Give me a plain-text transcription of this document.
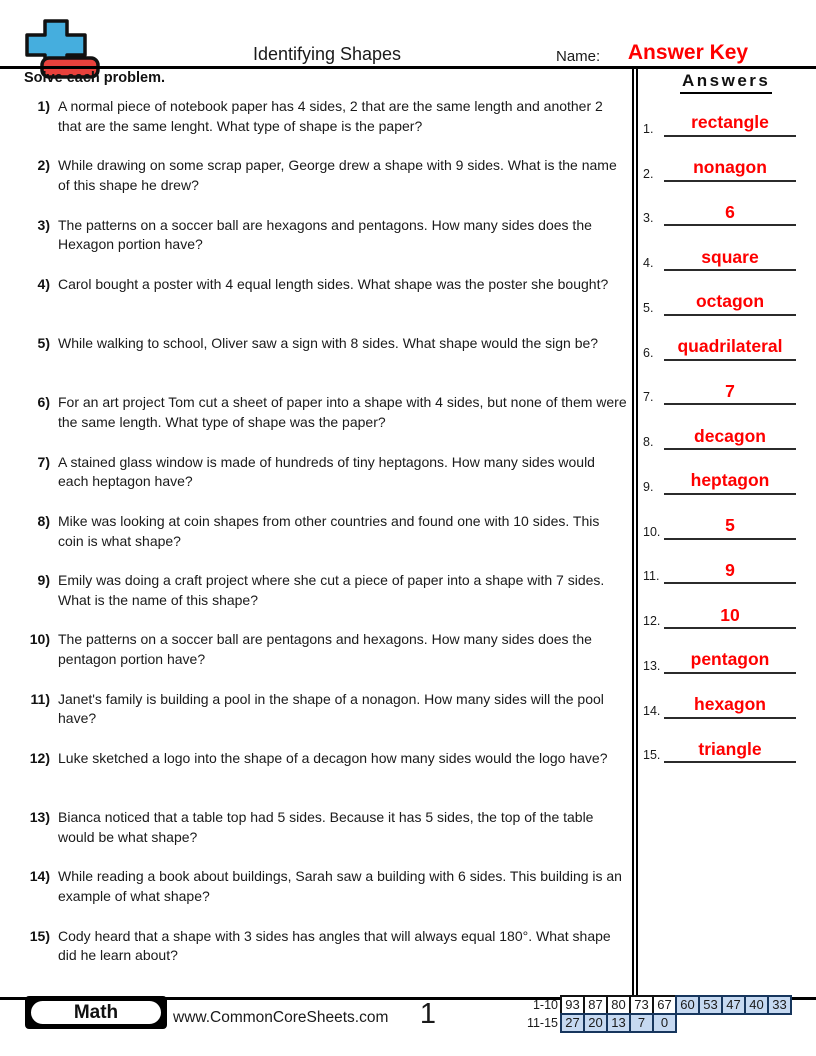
Identifying Shapes	Name:	Answer Key
Solve each problem.
1) A normal piece of notebook paper has 4 sides, 2 that are the same length and another 2 that are the same lenght. What type of shape is the paper?
2) While drawing on some scrap paper, George drew a shape with 9 sides. What is the name of this shape he drew?
3) The patterns on a soccer ball are hexagons and pentagons. How many sides does the Hexagon portion have?
4) Carol bought a poster with 4 equal length sides. What shape was the poster she bought?
5) While walking to school, Oliver saw a sign with 8 sides. What shape would the sign be?
6) For an art project Tom cut a sheet of paper into a shape with 4 sides, but none of them were the same length. What type of shape was the paper?
7) A stained glass window is made of hundreds of tiny heptagons. How many sides would each heptagon have?
8) Mike was looking at coin shapes from other countries and found one with 10 sides. This coin is what shape?
9) Emily was doing a craft project where she cut a piece of paper into a shape with 7 sides. What is the name of this shape?
10) The patterns on a soccer ball are pentagons and hexagons. How many sides does the pentagon portion have?
11) Janet's family is building a pool in the shape of a nonagon. How many sides will the pool have?
12) Luke sketched a logo into the shape of a decagon how many sides would the logo have?
13) Bianca noticed that a table top had 5 sides. Because it has 5 sides, the top of the table would be what shape?
14) While reading a book about buildings, Sarah saw a building with 6 sides. This building is an example of what shape?
15) Cody heard that a shape with 3 sides has angles that will always equal 180°. What shape did he learn about?
Answers
1. rectangle
2. nonagon
3.	6
4.	square
5. octagon
6. quadrilateral
7.	7
8. decagon
9. heptagon
10.	5
11.	9
12.	10
13. pentagon
14. hexagon
15. triangle
Math	www.CommonCoreSheets.com	1	1-10 93 87 80 73 67 60 53 47 40 33
11-15 27 20 13 7	0
